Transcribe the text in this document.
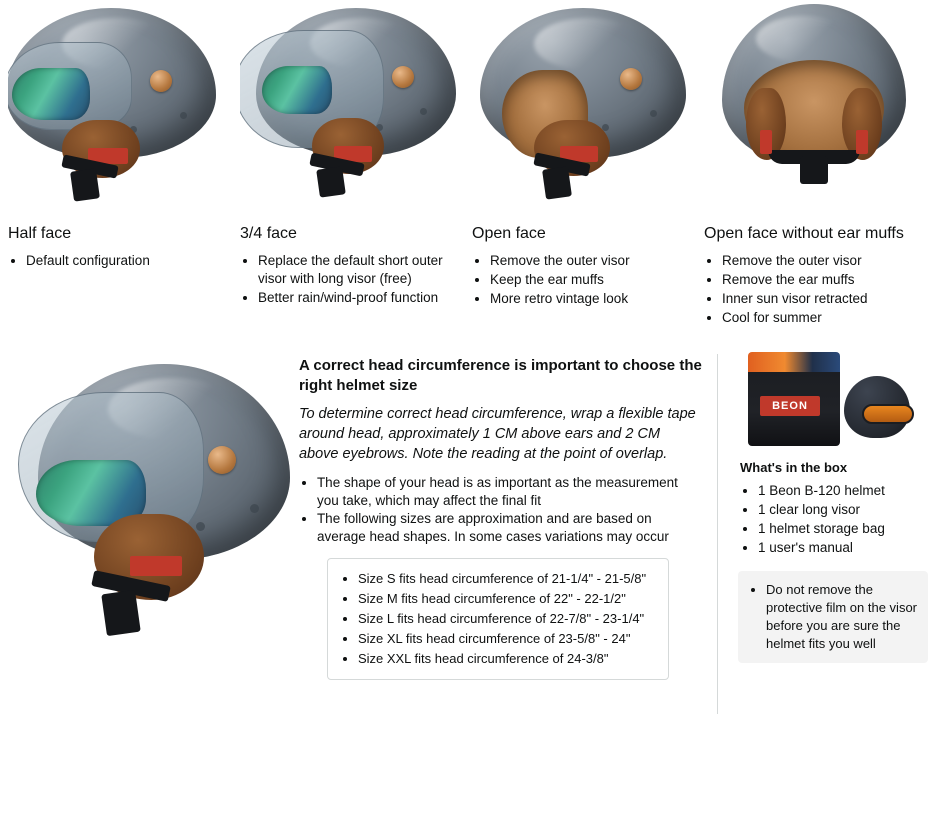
Half face
• Default configuration
3/4 face
• Replace the default short outer visor with long visor (free)
• Better rain/wind-proof function
Open face
• Remove the outer visor
• Keep the ear muffs
• More retro vintage look
Open face without ear muffs
• Remove the outer visor
• Remove the ear muffs
• Inner sun visor retracted
• Cool for summer
A correct head circumference is important to choose the right helmet size
To determine correct head circumference, wrap a flexible tape around head, approximately 1 CM above ears and 2 CM above eyebrows. Note the reading at the point of overlap.
• The shape of your head is as important as the measurement you take, which may affect the final fit
• The following sizes are approximation and are based on average head shapes. In some cases variations may occur
• Size S fits head circumference of 21-1/4" - 21-5/8"
• Size M fits head circumference of 22" - 22-1/2"
• Size L fits head circumference of 22-7/8" - 23-1/4"
• Size XL fits head circumference of 23-5/8" - 24"
• Size XXL fits head circumference of 24-3/8"
BEON
What's in the box
• 1 Beon B-120 helmet
• 1 clear long visor
• 1 helmet storage bag
• 1 user's manual
• Do not remove the protective film on the visor before you are sure the helmet fits you well
